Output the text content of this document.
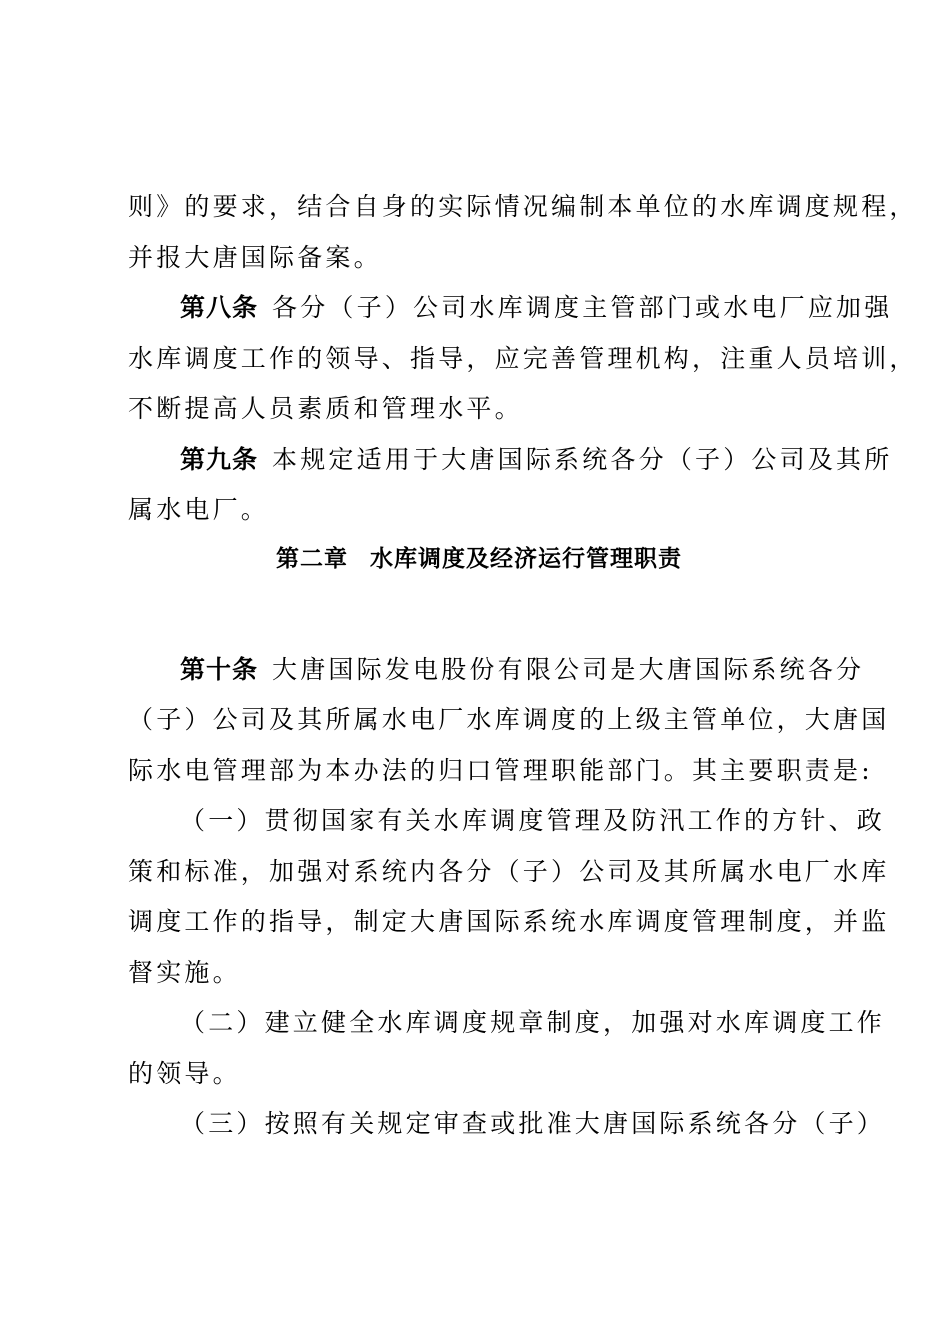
则》的要求，结合自身的实际情况编制本单位的水库调度规程，
并报大唐国际备案。
第八条 各分（子）公司水库调度主管部门或水电厂应加强
水库调度工作的领导、指导，应完善管理机构，注重人员培训，
不断提高人员素质和管理水平。
第九条 本规定适用于大唐国际系统各分（子）公司及其所
属水电厂。
第二章 水库调度及经济运行管理职责
第十条 大唐国际发电股份有限公司是大唐国际系统各分
（子）公司及其所属水电厂水库调度的上级主管单位，大唐国
际水电管理部为本办法的归口管理职能部门。其主要职责是:
（一）贯彻国家有关水库调度管理及防汛工作的方针、政
策和标准，加强对系统内各分（子）公司及其所属水电厂水库
调度工作的指导，制定大唐国际系统水库调度管理制度，并监
督实施。
（二）建立健全水库调度规章制度，加强对水库调度工作
的领导。
（三）按照有关规定审查或批准大唐国际系统各分（子）
